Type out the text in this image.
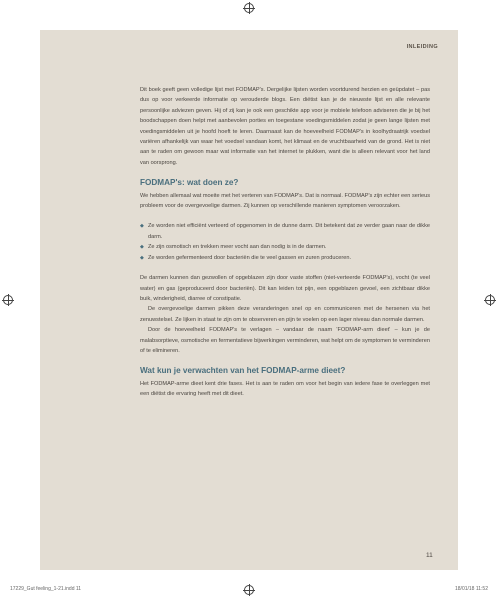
INLEIDING

Dit boek geeft geen volledige lijst met FODMAP's. Dergelijke lijsten worden voortdurend herzien en geüpdatet – pas dus op voor verkeerde informatie op verouderde blogs. Een diëtist kan je de nieuwste lijst en alle relevante persoonlijke adviezen geven. Hij of zij kan je ook een geschikte app voor je mobiele telefoon adviseren die je bij het boodschappen doen helpt met aanbevolen porties en toegestane voedingsmiddelen zodat je geen lange lijsten met voedingsmiddelen uit je hoofd hoeft te leren. Daarnaast kan de hoeveelheid FODMAP's in koolhydraatrijk voedsel variëren afhankelijk van waar het voedsel vandaan komt, het klimaat en de vruchtbaarheid van de grond. Het is niet aan te raden om gewoon maar wat informatie van het internet te plukken, want die is alleen relevant voor het land van oorsprong.

FODMAP's: wat doen ze?

We hebben allemaal wat moeite met het verteren van FODMAP's. Dat is normaal. FODMAP's zijn echter een serieus probleem voor de overgevoelige darmen. Zij kunnen op verschillende manieren symptomen veroorzaken.

◆ Ze worden niet efficiënt verteerd of opgenomen in de dunne darm. Dit betekent dat ze verder gaan naar de dikke darm.
◆ Ze zijn osmotisch en trekken meer vocht aan dan nodig is in de darmen.
◆ Ze worden gefermenteerd door bacteriën die te veel gassen en zuren produceren.

De darmen kunnen dan gezwollen of opgeblazen zijn door vaste stoffen (niet-verteerde FODMAP's), vocht (te veel water) en gas (geproduceerd door bacteriën). Dit kan leiden tot pijn, een opgeblazen gevoel, een zichtbaar dikke buik, winderigheid, diarree of constipatie.

De overgevoelige darmen pikken deze veranderingen snel op en communiceren met de hersenen via het zenuwstelsel. Ze lijken in staat te zijn om te observeren en pijn te voelen op een lager niveau dan normale darmen.

Door de hoeveelheid FODMAP's te verlagen – vandaar de naam 'FODMAP-arm dieet' – kun je de malabsorptieve, osmotische en fermentatieve bijwerkingen verminderen, wat helpt om de symptomen te verminderen of te elimineren.

Wat kun je verwachten van het FODMAP-arme dieet?

Het FODMAP-arme dieet kent drie fases. Het is aan te raden om voor het begin van iedere fase te overleggen met een diëtist die ervaring heeft met dit dieet.

11
17229_Gut feeling_1-21.indd 11	18/01/18 11:52
